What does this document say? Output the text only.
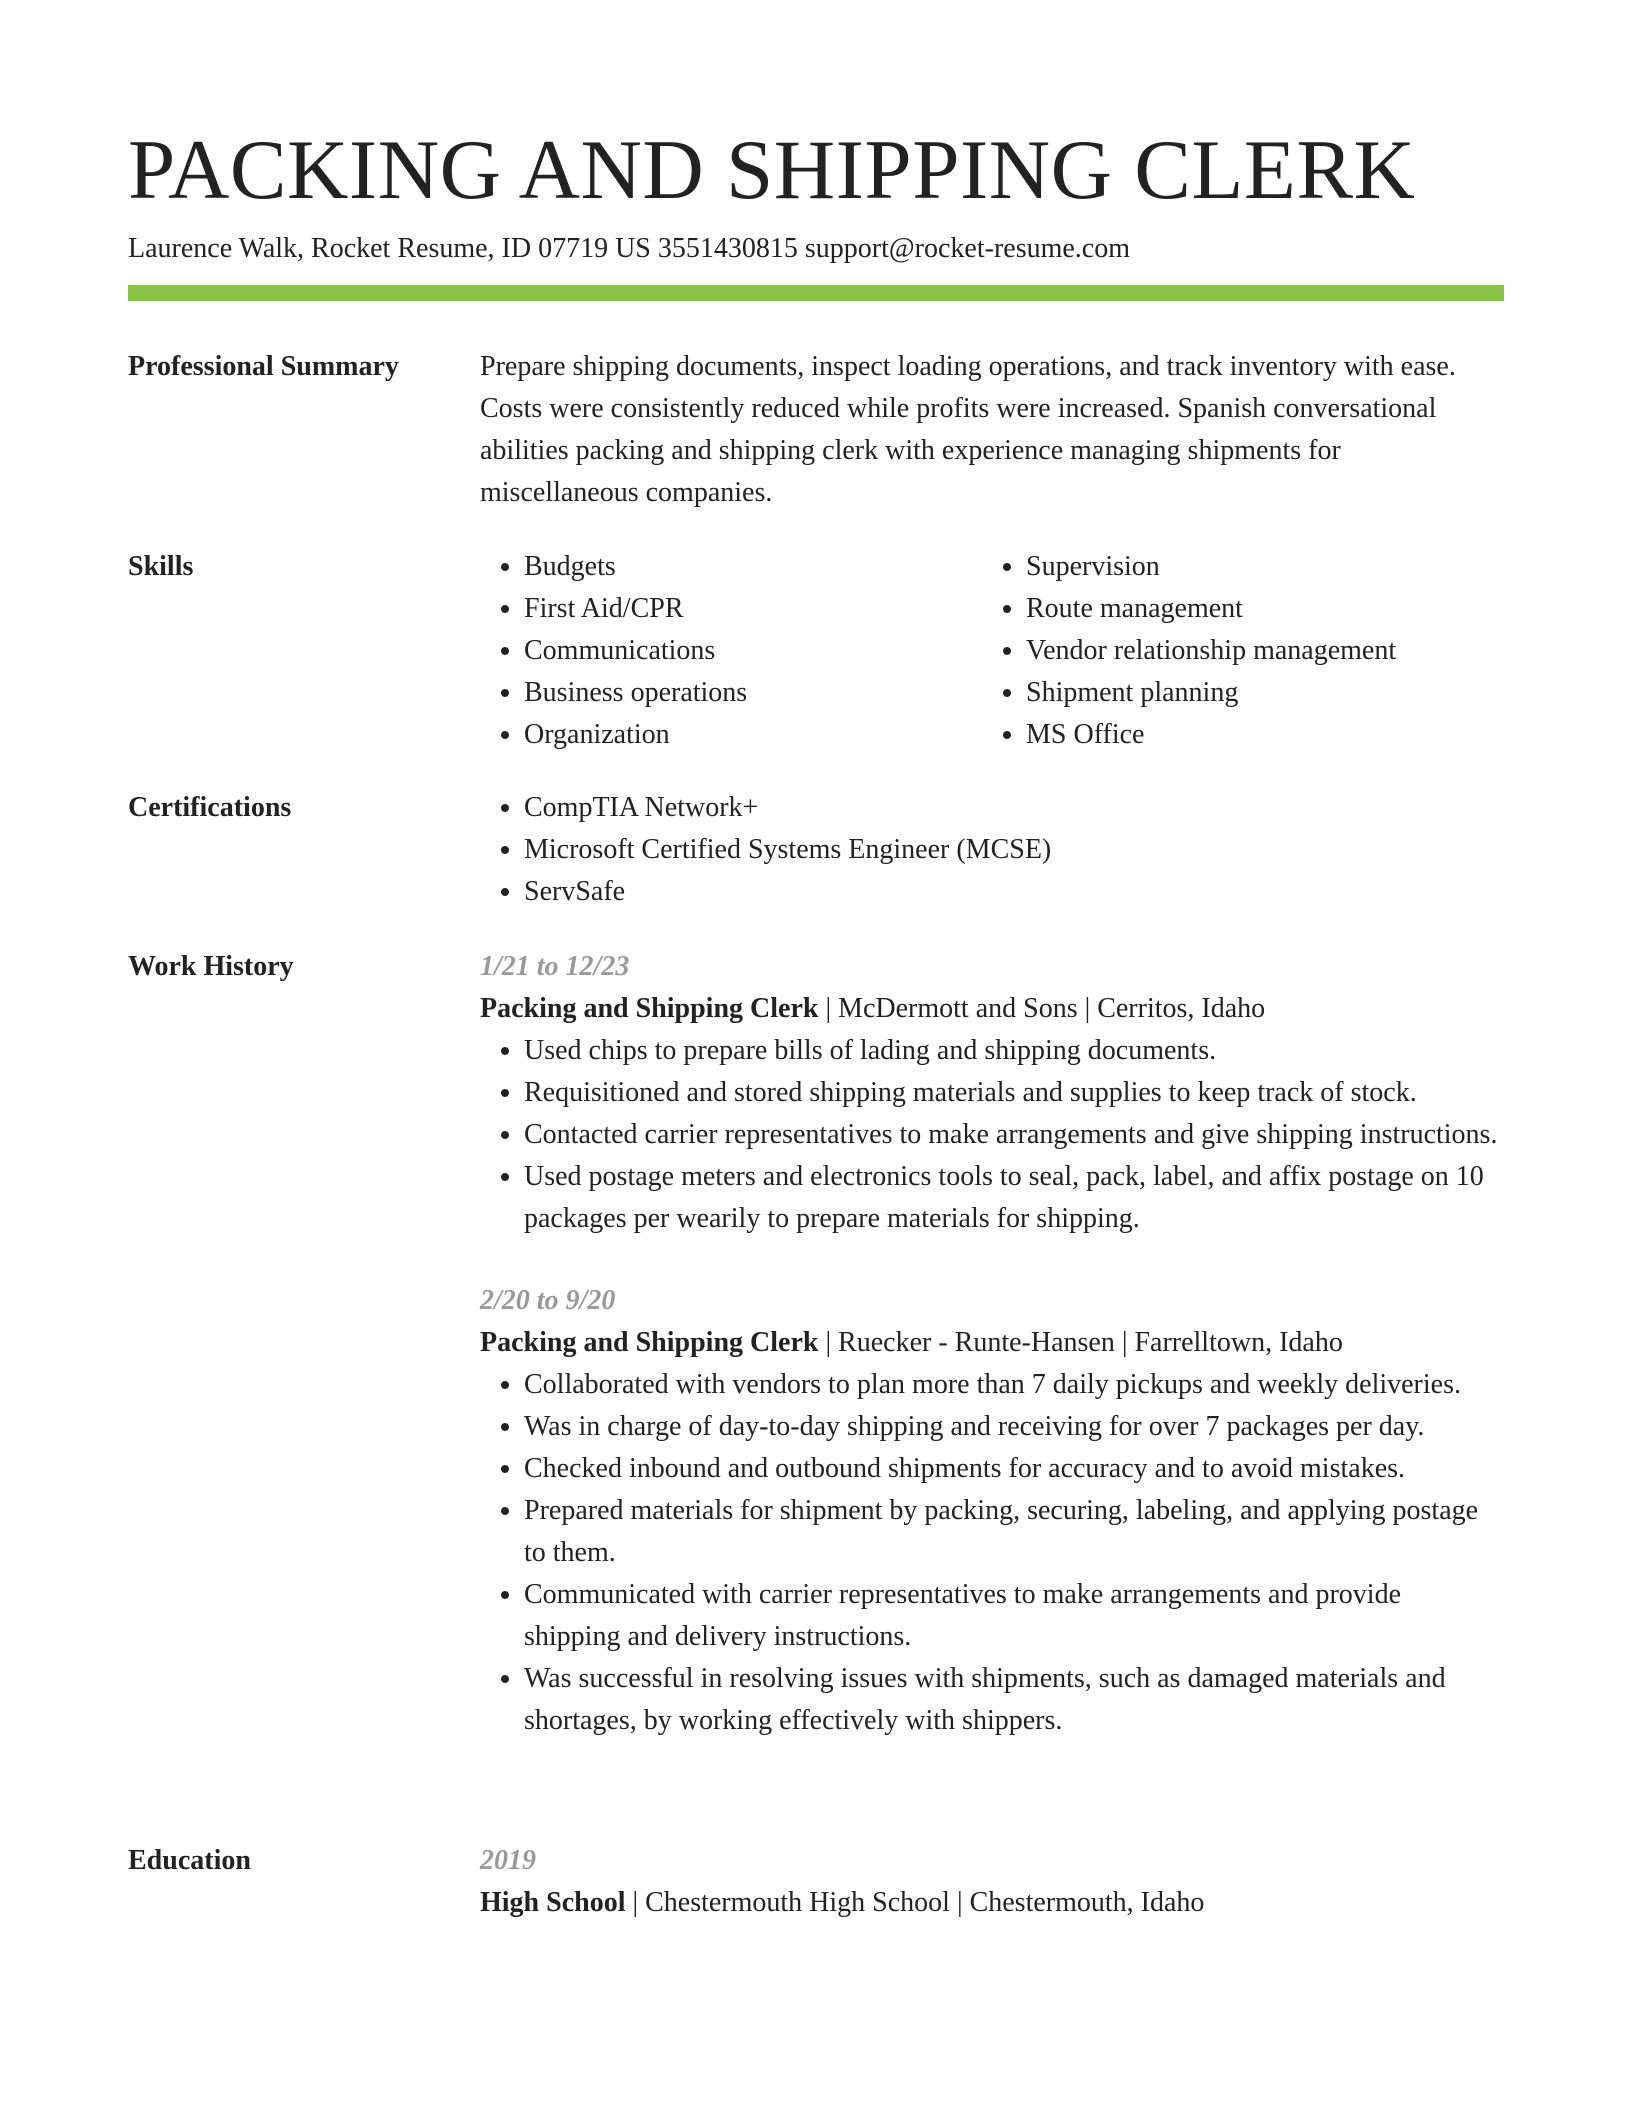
PACKING AND SHIPPING CLERK
Laurence Walk, Rocket Resume, ID 07719 US 3551430815 support@rocket-resume.com
Professional Summary	Prepare shipping documents, inspect loading operations, and track inventory with ease. Costs were consistently reduced while profits were increased. Spanish conversational abilities packing and shipping clerk with experience managing shipments for miscellaneous companies.

Skills	• Budgets
• First Aid/CPR
• Communications
• Business operations
• Organization
• Supervision
• Route management
• Vendor relationship management
• Shipment planning
• MS Office
Certifications	• CompTIA Network+
• Microsoft Certified Systems Engineer (MCSE)
• ServSafe
Work History	1/21 to 12/23
Packing and Shipping Clerk | McDermott and Sons | Cerritos, Idaho
• Used chips to prepare bills of lading and shipping documents.
• Requisitioned and stored shipping materials and supplies to keep track of stock.
• Contacted carrier representatives to make arrangements and give shipping instructions.
• Used postage meters and electronics tools to seal, pack, label, and affix postage on 10 packages per wearily to prepare materials for shipping.
2/20 to 9/20
Packing and Shipping Clerk | Ruecker - Runte-Hansen | Farrelltown, Idaho
• Collaborated with vendors to plan more than 7 daily pickups and weekly deliveries.
• Was in charge of day-to-day shipping and receiving for over 7 packages per day.
• Checked inbound and outbound shipments for accuracy and to avoid mistakes.
• Prepared materials for shipment by packing, securing, labeling, and applying postage to them.
• Communicated with carrier representatives to make arrangements and provide shipping and delivery instructions.
• Was successful in resolving issues with shipments, such as damaged materials and shortages, by working effectively with shippers.
Education	2019
High School | Chestermouth High School | Chestermouth, Idaho
